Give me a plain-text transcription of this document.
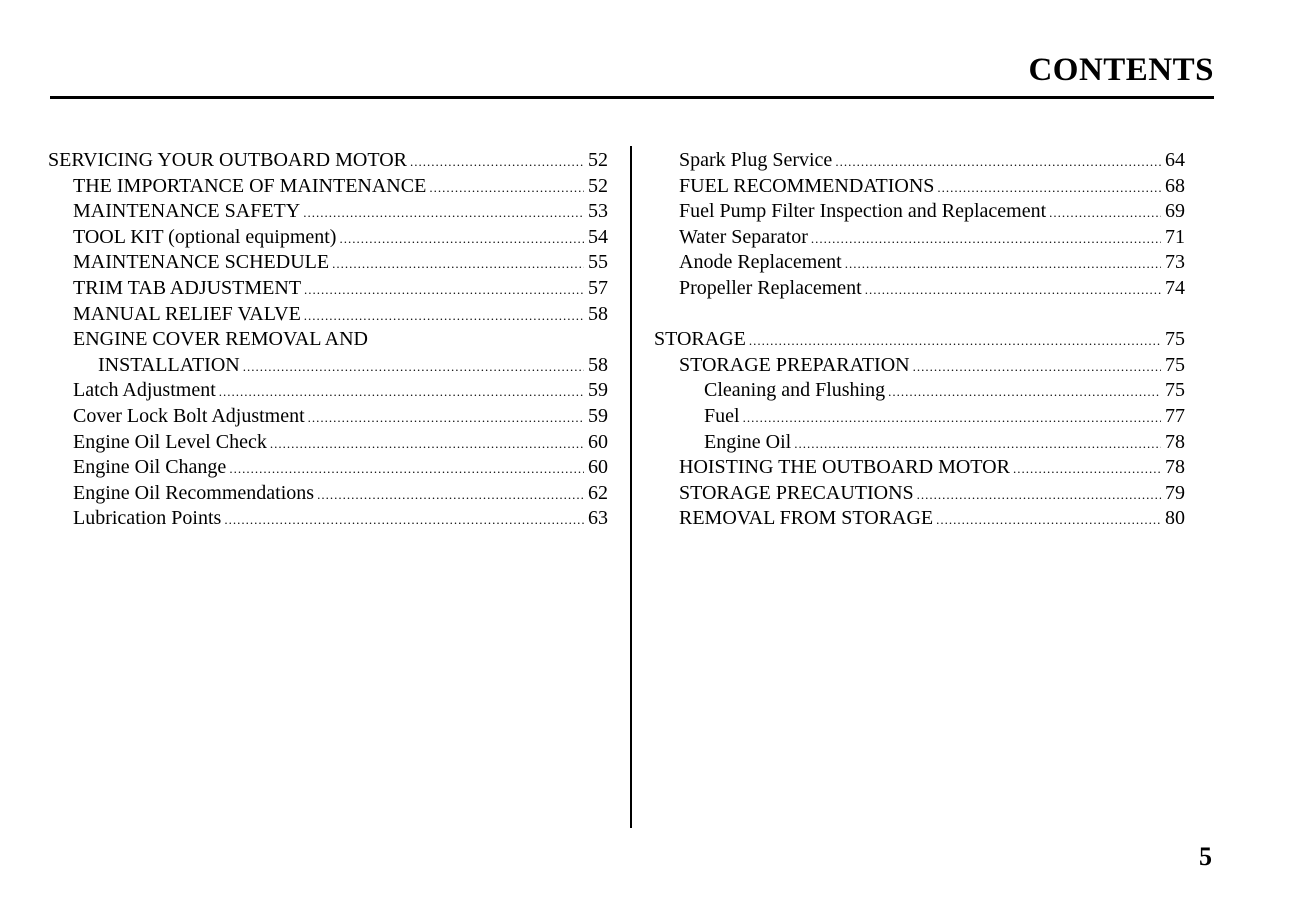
CONTENTS
SERVICING YOUR OUTBOARD MOTOR .....	52
THE IMPORTANCE OF MAINTENANCE .....	52
MAINTENANCE SAFETY .....	53
TOOL KIT (optional equipment) .....	54
MAINTENANCE SCHEDULE .....	55
TRIM TAB ADJUSTMENT .....	57
MANUAL RELIEF VALVE .....	58
ENGINE COVER REMOVAL AND
INSTALLATION .....	58
Latch Adjustment .....	59
Cover Lock Bolt Adjustment .....	59
Engine Oil Level Check .....	60
Engine Oil Change .....	60
Engine Oil Recommendations .....	62
Lubrication Points .....	63
Spark Plug Service .....	64
FUEL RECOMMENDATIONS .....	68
Fuel Pump Filter Inspection and Replacement .....	69
Water Separator .....	71
Anode Replacement .....	73
Propeller Replacement .....	74
STORAGE .....	75
STORAGE PREPARATION .....	75
Cleaning and Flushing .....	75
Fuel .....	77
Engine Oil .....	78
HOISTING THE OUTBOARD MOTOR .....	78
STORAGE PRECAUTIONS .....	79
REMOVAL FROM STORAGE .....	80
5
